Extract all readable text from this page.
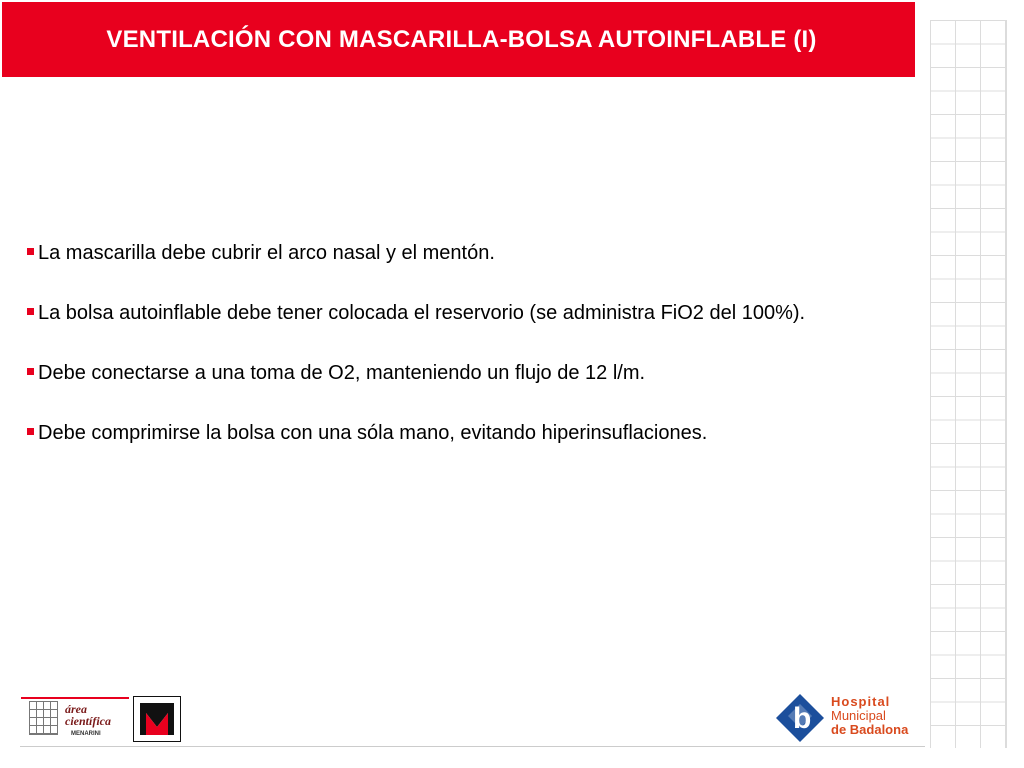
VENTILACIÓN CON MASCARILLA-BOLSA AUTOINFLABLE (I)

La mascarilla debe cubrir el arco nasal y el mentón.

La bolsa autoinflable debe tener colocada el reservorio (se administra FiO2 del 100%).

Debe conectarse a una toma de O2, manteniendo un flujo de 12 l/m.

Debe comprimirse la bolsa con una sóla mano, evitando hiperinsuflaciones.

área
científica
MENARINI	b
Hospital
Municipal
de Badalona
